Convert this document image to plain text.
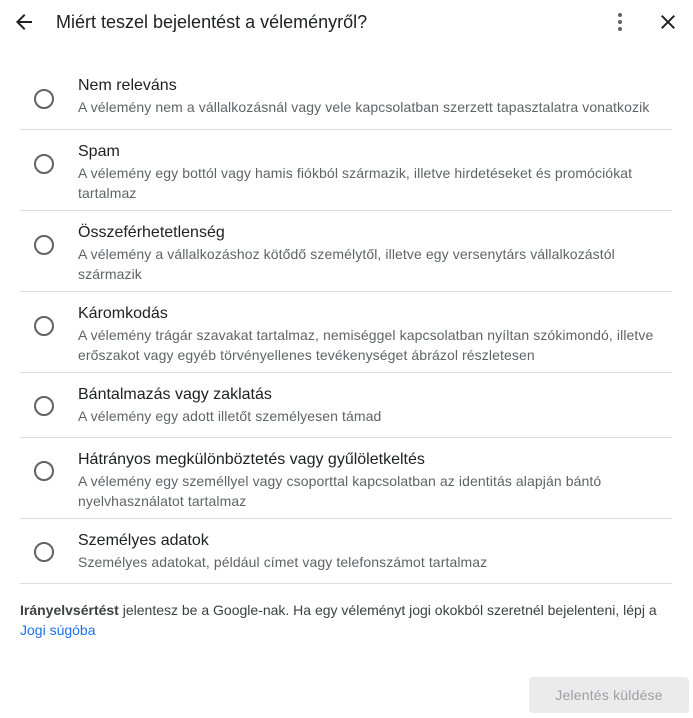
Miért teszel bejelentést a véleményről?
Nem releváns
A vélemény nem a vállalkozásnál vagy vele kapcsolatban szerzett tapasztalatra vonatkozik
Spam
A vélemény egy bottól vagy hamis fiókból származik, illetve hirdetéseket és promóciókat tartalmaz
Összeférhetetlenség
A vélemény a vállalkozáshoz kötődő személytől, illetve egy versenytárs vállalkozástól származik
Káromkodás
A vélemény trágár szavakat tartalmaz, nemiséggel kapcsolatban nyíltan szókimondó, illetve erőszakot vagy egyéb törvényellenes tevékenységet ábrázol részletesen
Bántalmazás vagy zaklatás
A vélemény egy adott illetőt személyesen támad
Hátrányos megkülönböztetés vagy gyűlöletkeltés
A vélemény egy személlyel vagy csoporttal kapcsolatban az identitás alapján bántó nyelvhasználatot tartalmaz
Személyes adatok
Személyes adatokat, például címet vagy telefonszámot tartalmaz
Irányelvsértést jelentesz be a Google-nak. Ha egy véleményt jogi okokból szeretnél bejelenteni, lépj a Jogi súgóba
Jelentés küldése
